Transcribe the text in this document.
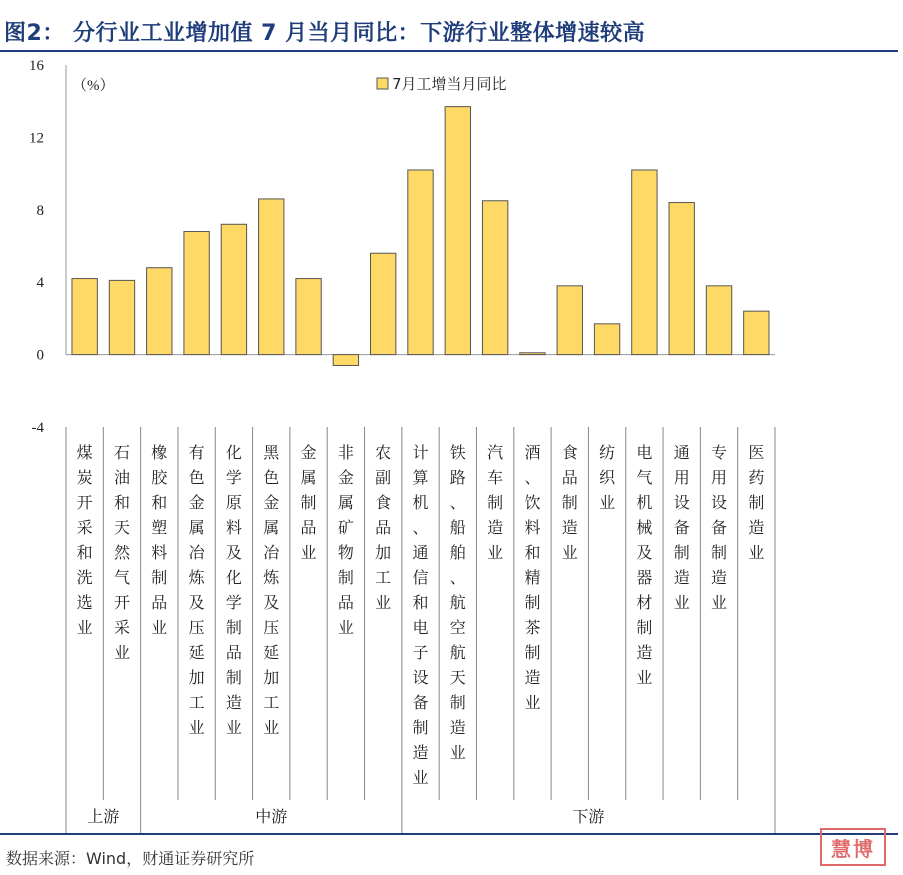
图2： 分行业工业增加值 7 月当月同比：下游行业整体增速较高
-4
0
4
8
12
16
（%）
煤炭开采和洗选业
石油和天然气开采业
橡胶和塑料制品业
有色金属冶炼及压延加工业
化学原料及化学制品制造业
黑色金属冶炼及压延加工业
金属制品业
非金属矿物制品业
农副食品加工业
计算机、通信和电子设备制造业
铁路、船舶、航空航天制造业
汽车制造业
酒、饮料和精制茶制造业
食品制造业
纺织业
电气机械及器材制造业
通用设备制造业
专用设备制造业
医药制造业
上游	中游	下游
7月工增当月同比
数据来源：Wind，财通证券研究所	慧博
